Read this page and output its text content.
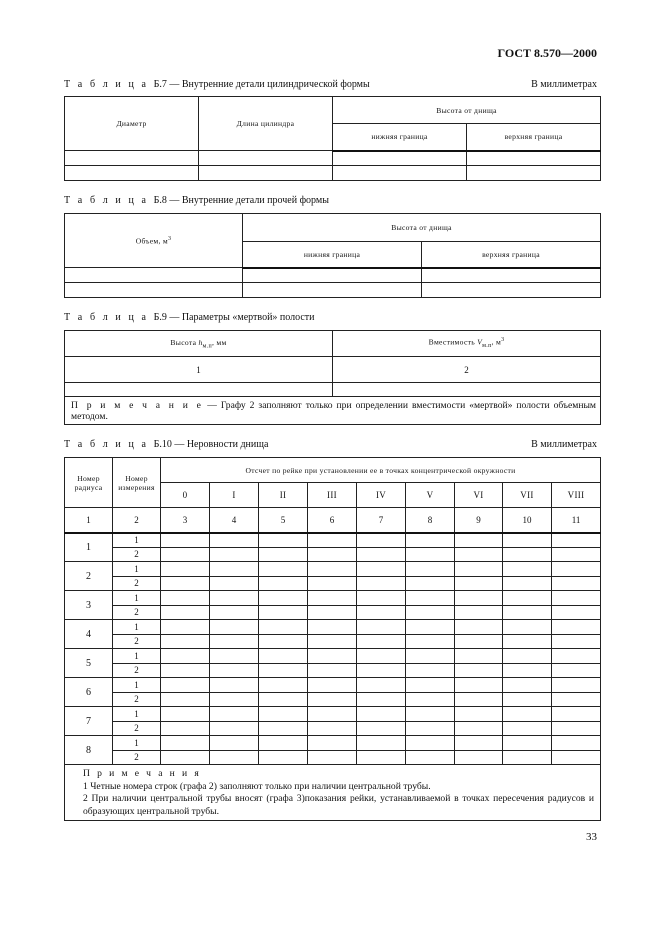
ГОСТ 8.570—2000
Т а б л и ц а Б.7 — Внутренние детали цилиндрической формы	В миллиметрах
Диаметр	Длина цилиндра	Высота от днища	
		нижняя граница	верхняя граница

Т а б л и ц а Б.8 — Внутренние детали прочей формы
Объем, $м^3$	Высота от днища	
	нижняя граница	верхняя граница

Т а б л и ц а Б.9 — Параметры «мертвой» полости
Высота $h_{м.п}$, мм	Вместимость $V_{м.п}$, $м^3$
1	2

П р и м е ч а н и е — Графу 2 заполняют только при определении вместимости «мертвой» полости объемным методом.	
Т а б л и ц а Б.10 — Неровности днища	В миллиметрах
Номер радиуса	Номер измерения	Отсчет по рейке при установлении ее в точках концентрической окружности								
		0	I	II	III	IV	V	VI	VII	VIII
1	2	3	4	5	6	7	8	9	10	11
1	1									
	2									
2	1									
	2									
3	1									
	2									
4	1									
	2									
5	1									
	2									
6	1									
	2									
7	1									
	2									
8	1									
	2									

П р и м е ч а н и я
1 Четные номера строк (графа 2) заполняют только при наличии центральной трубы.
2 При наличии центральной трубы вносят (графа 3)показания рейки, устанавливаемой в точках пересечения радиусов и образующих центральной трубы.										
33
